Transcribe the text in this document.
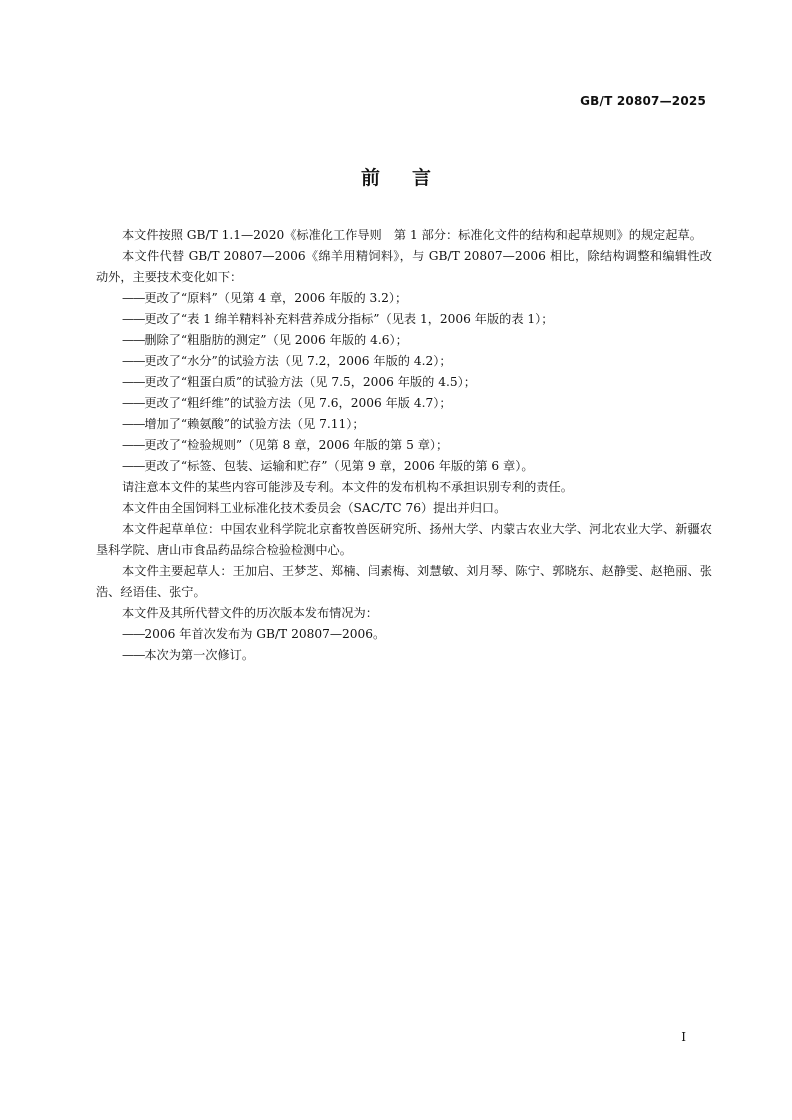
GB/T 20807—2025
前言

本文件按照 GB/T 1.1—2020《标准化工作导则　第 1 部分：标准化文件的结构和起草规则》的规定起草。

本文件代替 GB/T 20807—2006《绵羊用精饲料》，与 GB/T 20807—2006 相比，除结构调整和编辑性改动外，主要技术变化如下：

——更改了“原料”（见第 4 章，2006 年版的 3.2）；

——更改了“表 1 绵羊精料补充料营养成分指标”（见表 1，2006 年版的表 1）；

——删除了“粗脂肪的测定”（见 2006 年版的 4.6）；

——更改了“水分”的试验方法（见 7.2，2006 年版的 4.2）；

——更改了“粗蛋白质”的试验方法（见 7.5，2006 年版的 4.5）；

——更改了“粗纤维”的试验方法（见 7.6，2006 年版 4.7）；

——增加了“赖氨酸”的试验方法（见 7.11）；

——更改了“检验规则”（见第 8 章，2006 年版的第 5 章）；

——更改了“标签、包装、运输和贮存”（见第 9 章，2006 年版的第 6 章）。

请注意本文件的某些内容可能涉及专利。本文件的发布机构不承担识别专利的责任。

本文件由全国饲料工业标准化技术委员会（SAC/TC 76）提出并归口。

本文件起草单位：中国农业科学院北京畜牧兽医研究所、扬州大学、内蒙古农业大学、河北农业大学、新疆农垦科学院、唐山市食品药品综合检验检测中心。

本文件主要起草人：王加启、王梦芝、郑楠、闫素梅、刘慧敏、刘月琴、陈宁、郭晓东、赵静雯、赵艳丽、张浩、经语佳、张宁。

本文件及其所代替文件的历次版本发布情况为：

——2006 年首次发布为 GB/T 20807—2006。

——本次为第一次修订。

I
